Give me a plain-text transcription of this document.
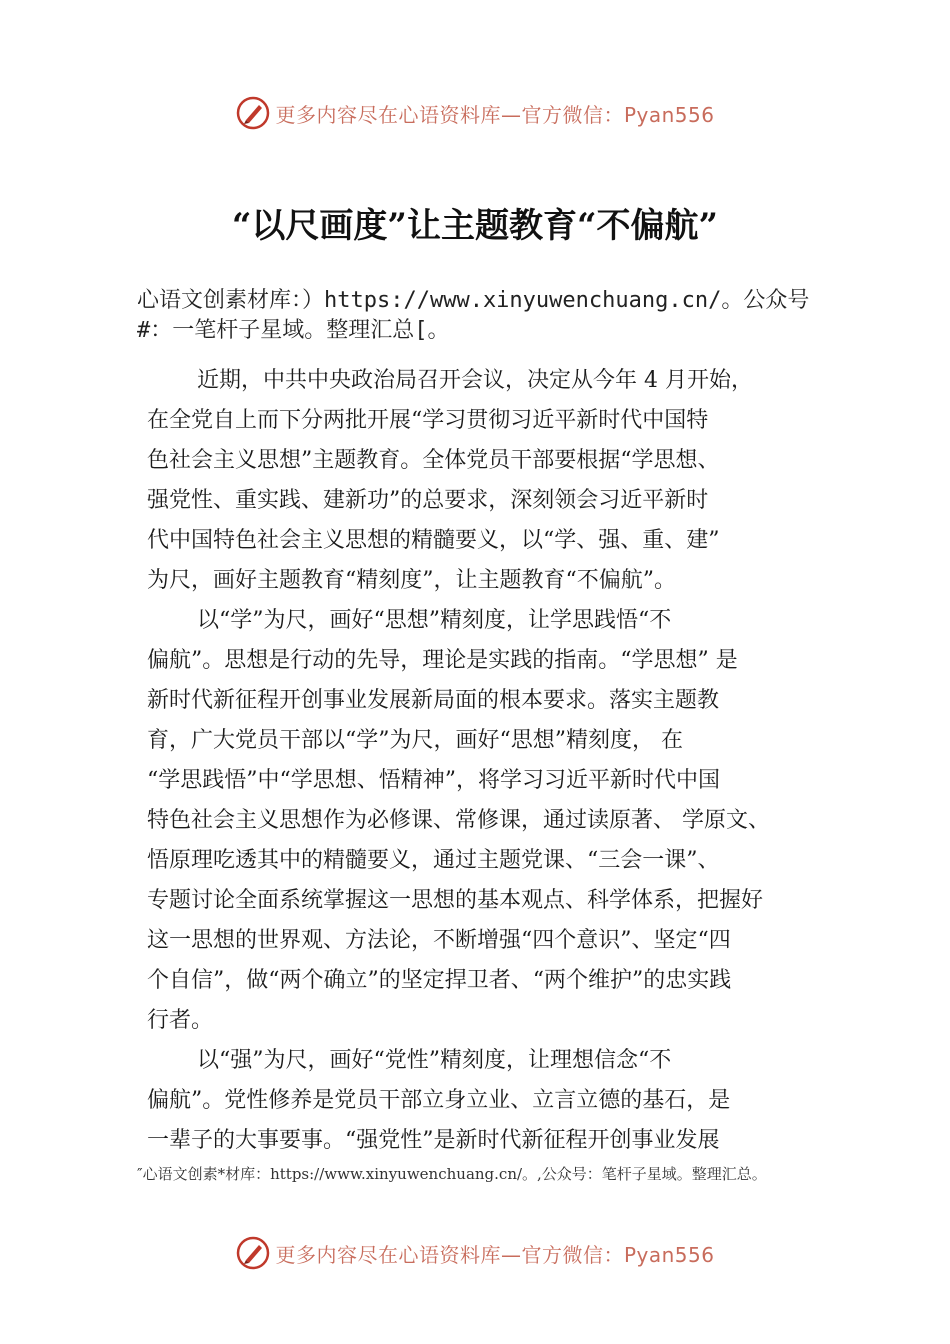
更多内容尽在心语资料库—官方微信：Pyan556
“以尺画度”让主题教育“不偏航”

心语文创素材库：）https://www.xinyuwenchuang.cn/。公众号#：一笔杆子星域。整理汇总[。

近期，中共中央政治局召开会议，决定从今年 4 月开始，

在全党自上而下分两批开展“学习贯彻习近平新时代中国特

色社会主义思想”主题教育。全体党员干部要根据“学思想、

强党性、重实践、建新功”的总要求，深刻领会习近平新时

代中国特色社会主义思想的精髓要义，以“学、强、重、建”

为尺，画好主题教育“精刻度”，让主题教育“不偏航”。

以“学”为尺，画好“思想”精刻度，让学思践悟“不

偏航”。思想是行动的先导，理论是实践的指南。“学思想” 是

新时代新征程开创事业发展新局面的根本要求。落实主题教

育，广大党员干部以“学”为尺，画好“思想”精刻度， 在

“学思践悟”中“学思想、悟精神”，将学习习近平新时代中国

特色社会主义思想作为必修课、常修课，通过读原著、 学原文、

悟原理吃透其中的精髓要义，通过主题党课、“三会一课”、

专题讨论全面系统掌握这一思想的基本观点、科学体系，把握好

这一思想的世界观、方法论，不断增强“四个意识”、坚定“四

个自信”，做“两个确立”的坚定捍卫者、“两个维护”的忠实践

行者。

以“强”为尺，画好“党性”精刻度，让理想信念“不

偏航”。党性修养是党员干部立身立业、立言立德的基石，是

一辈子的大事要事。“强党性”是新时代新征程开创事业发展

″心语文创素*材库：https://www.xinyuwenchuang.cn/。,公众号：笔杆子星域。整理汇总。

更多内容尽在心语资料库—官方微信：Pyan556
